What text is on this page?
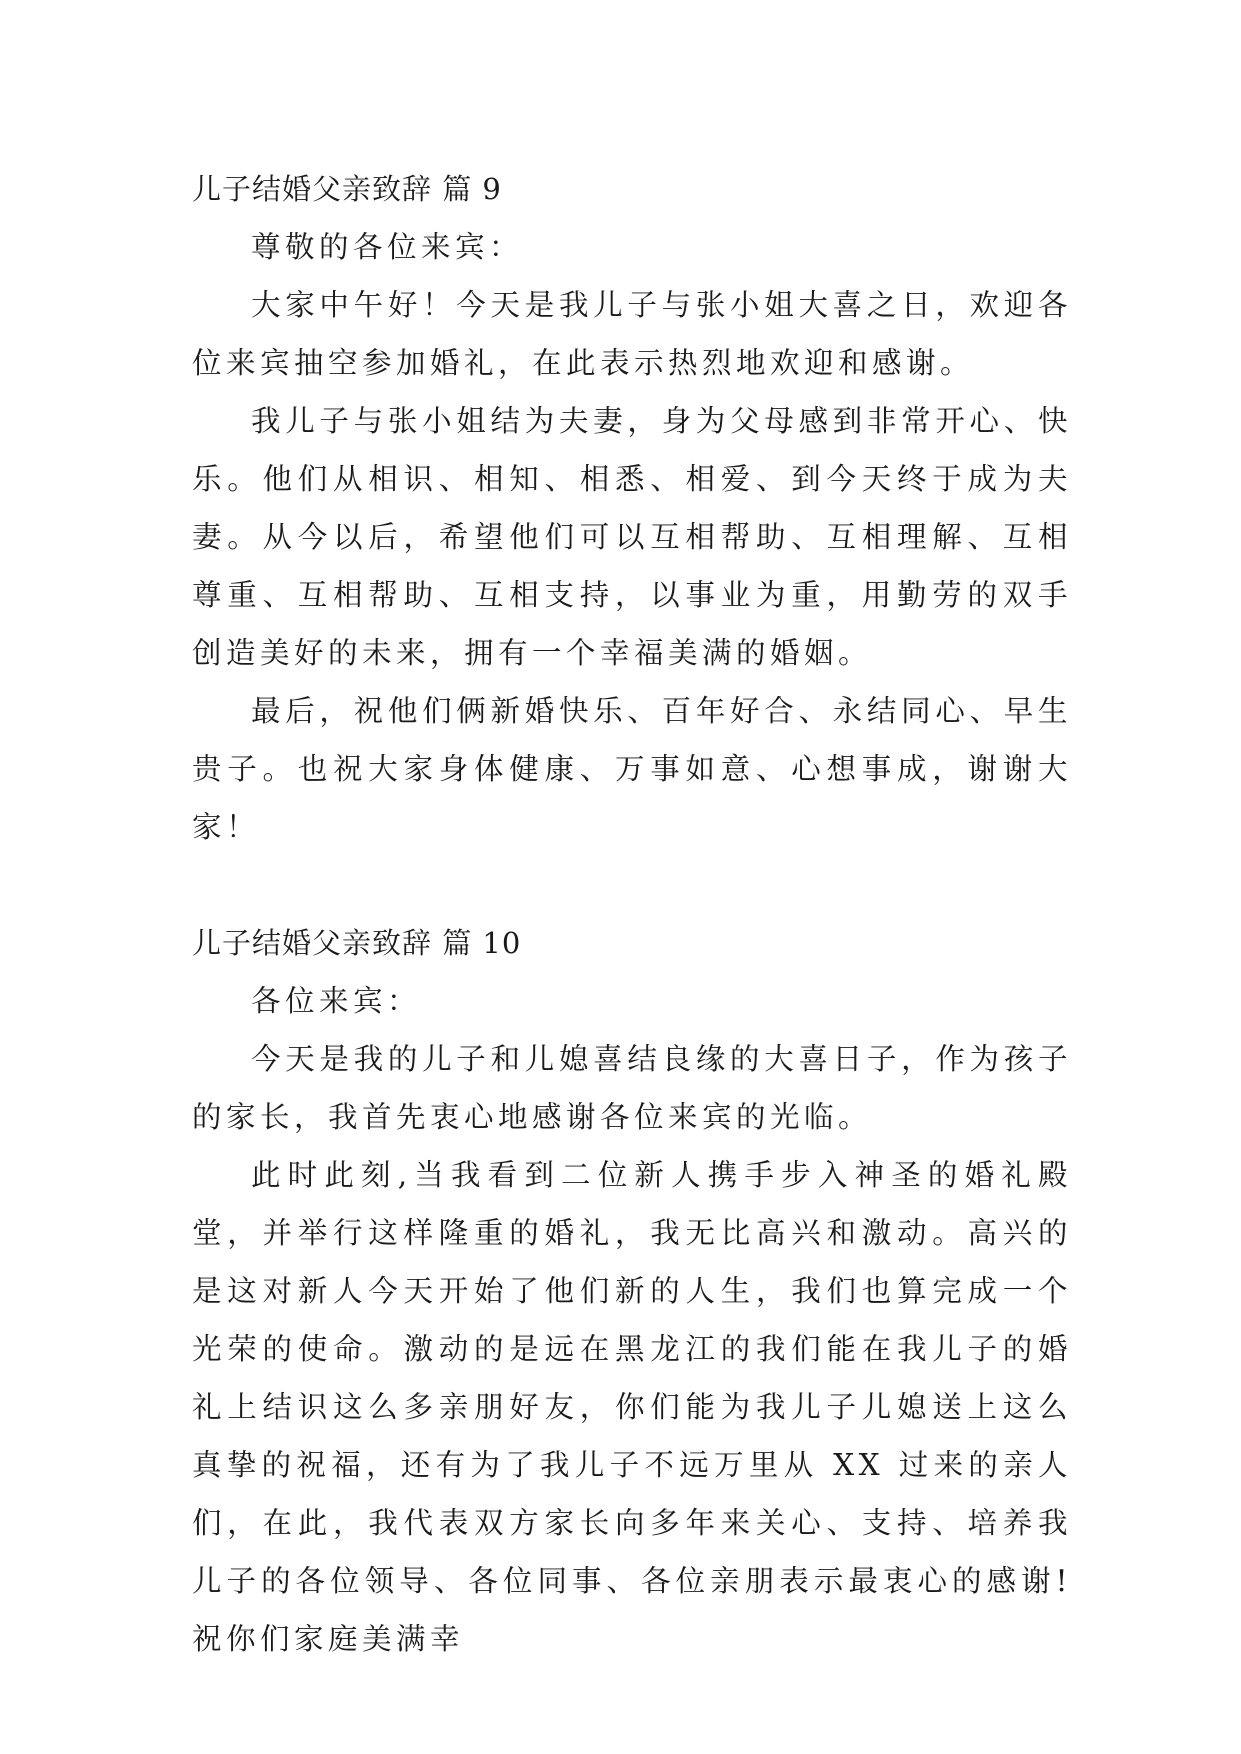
儿子结婚父亲致辞 篇 9

尊敬的各位来宾：

大家中午好！今天是我儿子与张小姐大喜之日，欢迎各位来宾抽空参加婚礼，在此表示热烈地欢迎和感谢。

我儿子与张小姐结为夫妻，身为父母感到非常开心、快乐。他们从相识、相知、相悉、相爱、到今天终于成为夫妻。从今以后，希望他们可以互相帮助、互相理解、互相尊重、互相帮助、互相支持，以事业为重，用勤劳的双手创造美好的未来，拥有一个幸福美满的婚姻。

最后，祝他们俩新婚快乐、百年好合、永结同心、早生贵子。也祝大家身体健康、万事如意、心想事成，谢谢大家！

儿子结婚父亲致辞 篇 10

各位来宾：

今天是我的儿子和儿媳喜结良缘的大喜日子，作为孩子的家长，我首先衷心地感谢各位来宾的光临。

此时此刻,当我看到二位新人携手步入神圣的婚礼殿堂，并举行这样隆重的婚礼，我无比高兴和激动。高兴的是这对新人今天开始了他们新的人生，我们也算完成一个光荣的使命。激动的是远在黑龙江的我们能在我儿子的婚礼上结识这么多亲朋好友，你们能为我儿子儿媳送上这么真挚的祝福，还有为了我儿子不远万里从 XX 过来的亲人们，在此，我代表双方家长向多年来关心、支持、培养我儿子的各位领导、各位同事、各位亲朋表示最衷心的感谢!祝你们家庭美满幸
